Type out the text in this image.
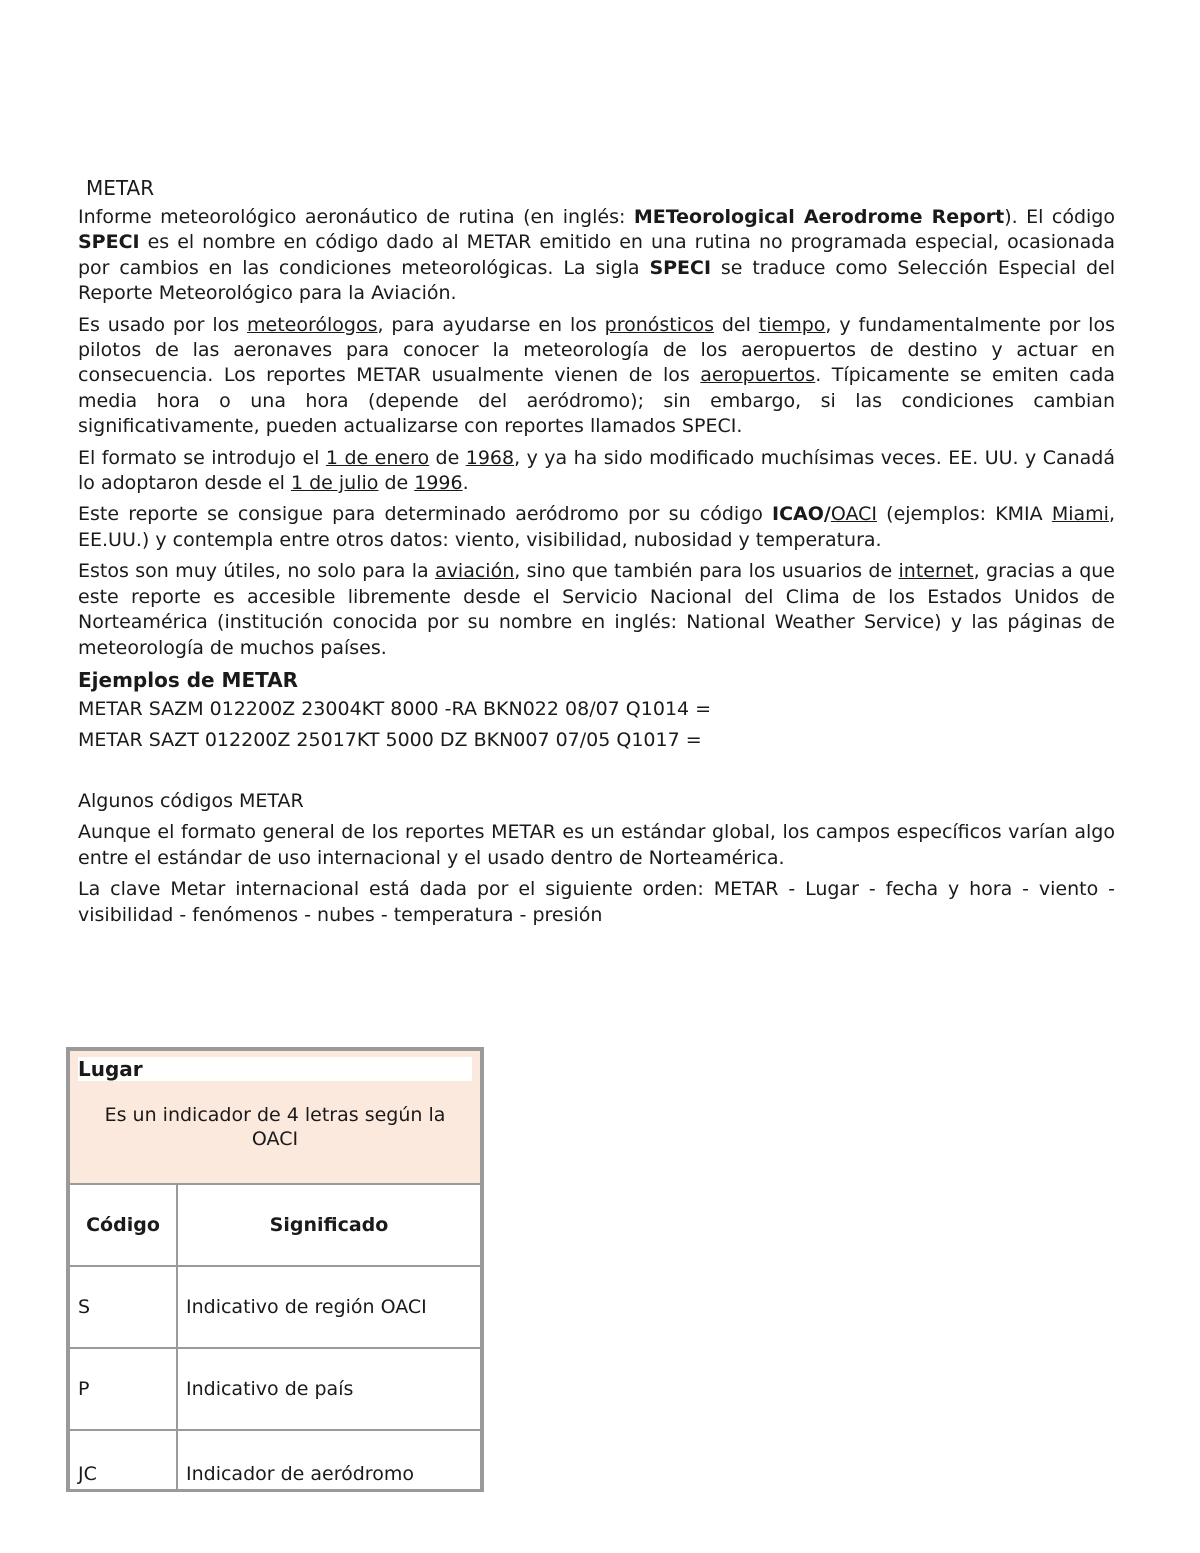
METAR

Informe meteorológico aeronáutico de rutina (en inglés: METeorological Aerodrome Report). El código SPECI es el nombre en código dado al METAR emitido en una rutina no programada especial, ocasionada por cambios en las condiciones meteorológicas. La sigla SPECI se traduce como Selección Especial del Reporte Meteorológico para la Aviación.

Es usado por los meteorólogos, para ayudarse en los pronósticos del tiempo, y fundamentalmente por los pilotos de las aeronaves para conocer la meteorología de los aeropuertos de destino y actuar en consecuencia. Los reportes METAR usualmente vienen de los aeropuertos. Típicamente se emiten cada media hora o una hora (depende del aeródromo); sin embargo, si las condiciones cambian significativamente, pueden actualizarse con reportes llamados SPECI.

El formato se introdujo el 1 de enero de 1968, y ya ha sido modificado muchísimas veces. EE. UU. y Canadá lo adoptaron desde el 1 de julio de 1996.

Este reporte se consigue para determinado aeródromo por su código ICAO/OACI (ejemplos: KMIA Miami, EE.UU.) y contempla entre otros datos: viento, visibilidad, nubosidad y temperatura.

Estos son muy útiles, no solo para la aviación, sino que también para los usuarios de internet, gracias a que este reporte es accesible libremente desde el Servicio Nacional del Clima de los Estados Unidos de Norteamérica (institución conocida por su nombre en inglés: National Weather Service) y las páginas de meteorología de muchos países.

Ejemplos de METAR
METAR SAZM 012200Z 23004KT 8000 -RA BKN022 08/07 Q1014 =
METAR SAZT 012200Z 25017KT 5000 DZ BKN007 07/05 Q1017 =

Algunos códigos METAR

Aunque el formato general de los reportes METAR es un estándar global, los campos específicos varían algo entre el estándar de uso internacional y el usado dentro de Norteamérica.

La clave Metar internacional está dada por el siguiente orden: METAR - Lugar - fecha y hora - viento - visibilidad - fenómenos - nubes - temperatura - presión

Lugar
Es un indicador de 4 letras según la OACI	

Código	Significado
S	Indicativo de región OACI
P	Indicativo de país
JC	Indicador de aeródromo
